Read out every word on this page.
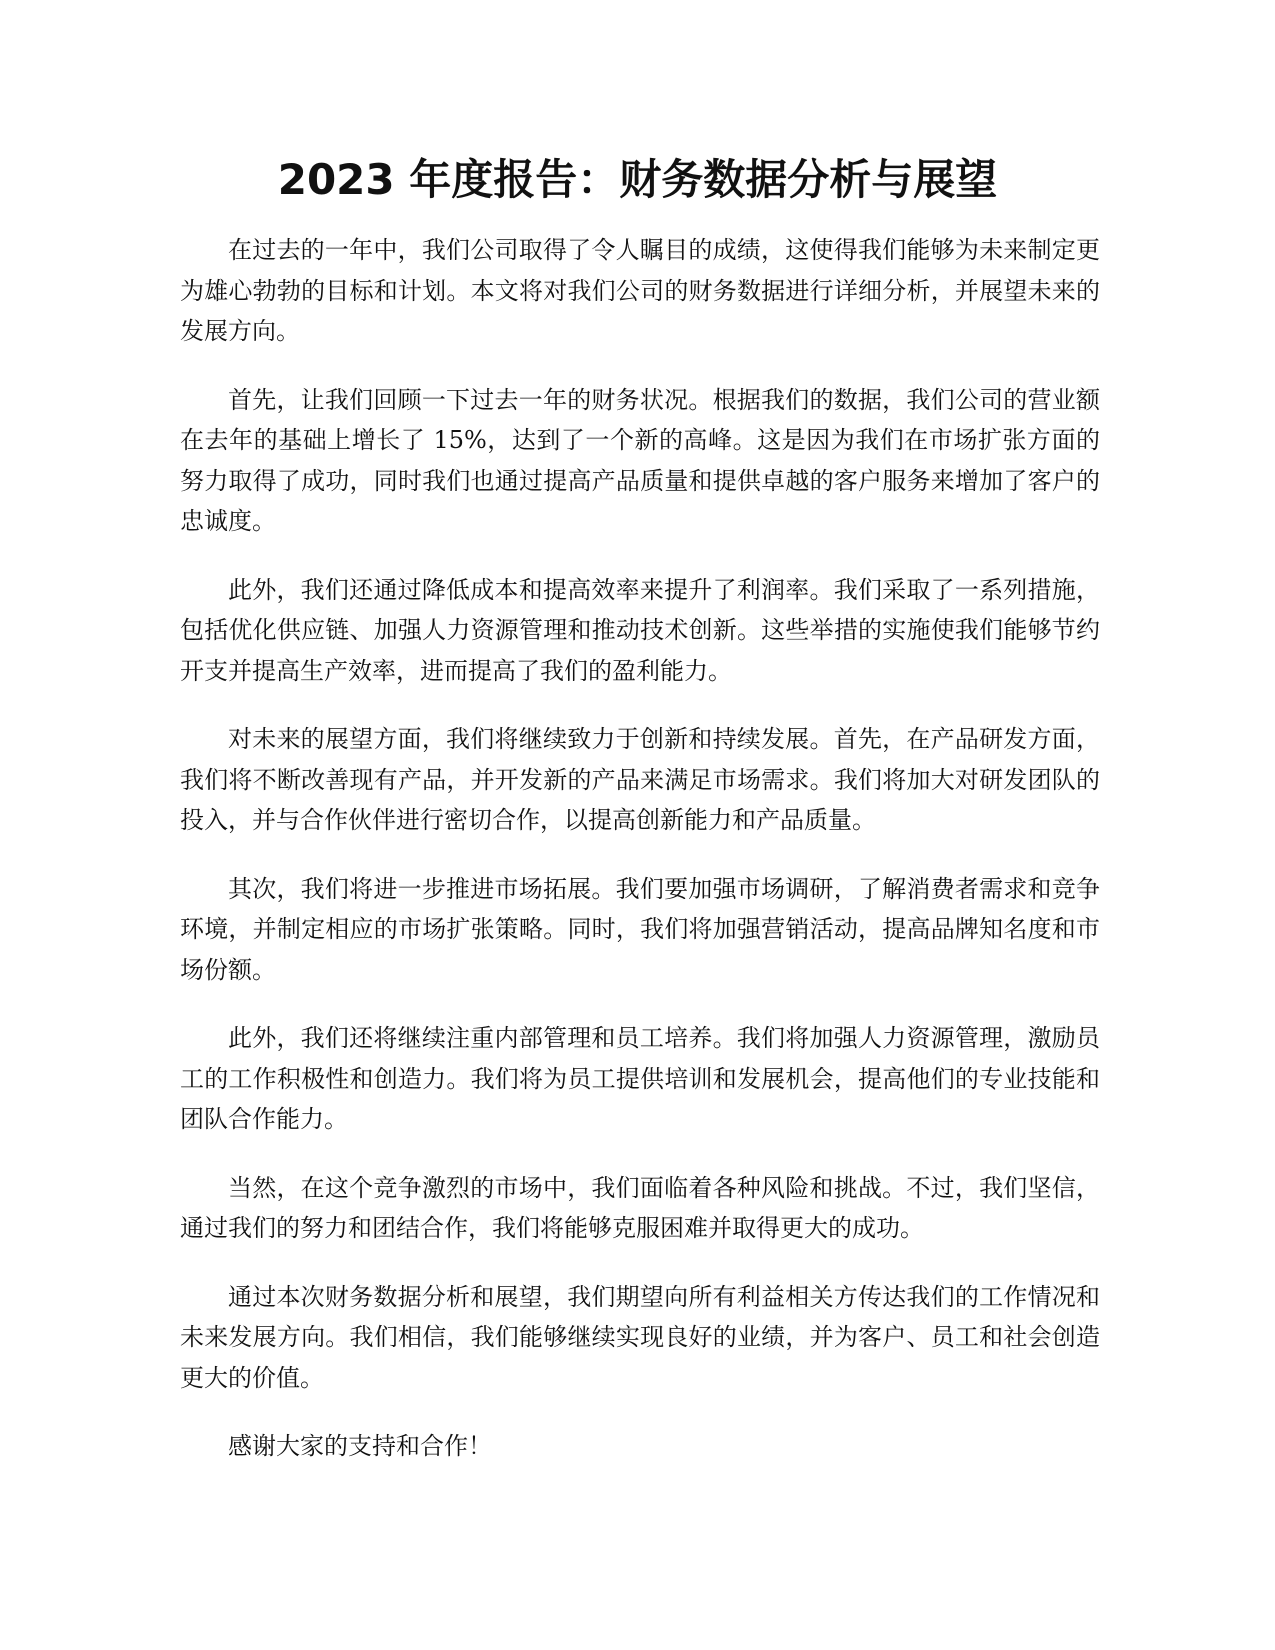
2023 年度报告：财务数据分析与展望

在过去的一年中，我们公司取得了令人瞩目的成绩，这使得我们能够为未来制定更为雄心勃勃的目标和计划。本文将对我们公司的财务数据进行详细分析，并展望未来的发展方向。

首先，让我们回顾一下过去一年的财务状况。根据我们的数据，我们公司的营业额在去年的基础上增长了 15%，达到了一个新的高峰。这是因为我们在市场扩张方面的努力取得了成功，同时我们也通过提高产品质量和提供卓越的客户服务来增加了客户的忠诚度。

此外，我们还通过降低成本和提高效率来提升了利润率。我们采取了一系列措施，包括优化供应链、加强人力资源管理和推动技术创新。这些举措的实施使我们能够节约开支并提高生产效率，进而提高了我们的盈利能力。

对未来的展望方面，我们将继续致力于创新和持续发展。首先，在产品研发方面，我们将不断改善现有产品，并开发新的产品来满足市场需求。我们将加大对研发团队的投入，并与合作伙伴进行密切合作，以提高创新能力和产品质量。

其次，我们将进一步推进市场拓展。我们要加强市场调研，了解消费者需求和竞争环境，并制定相应的市场扩张策略。同时，我们将加强营销活动，提高品牌知名度和市场份额。

此外，我们还将继续注重内部管理和员工培养。我们将加强人力资源管理，激励员工的工作积极性和创造力。我们将为员工提供培训和发展机会，提高他们的专业技能和团队合作能力。

当然，在这个竞争激烈的市场中，我们面临着各种风险和挑战。不过，我们坚信，通过我们的努力和团结合作，我们将能够克服困难并取得更大的成功。

通过本次财务数据分析和展望，我们期望向所有利益相关方传达我们的工作情况和未来发展方向。我们相信，我们能够继续实现良好的业绩，并为客户、员工和社会创造更大的价值。

感谢大家的支持和合作！
